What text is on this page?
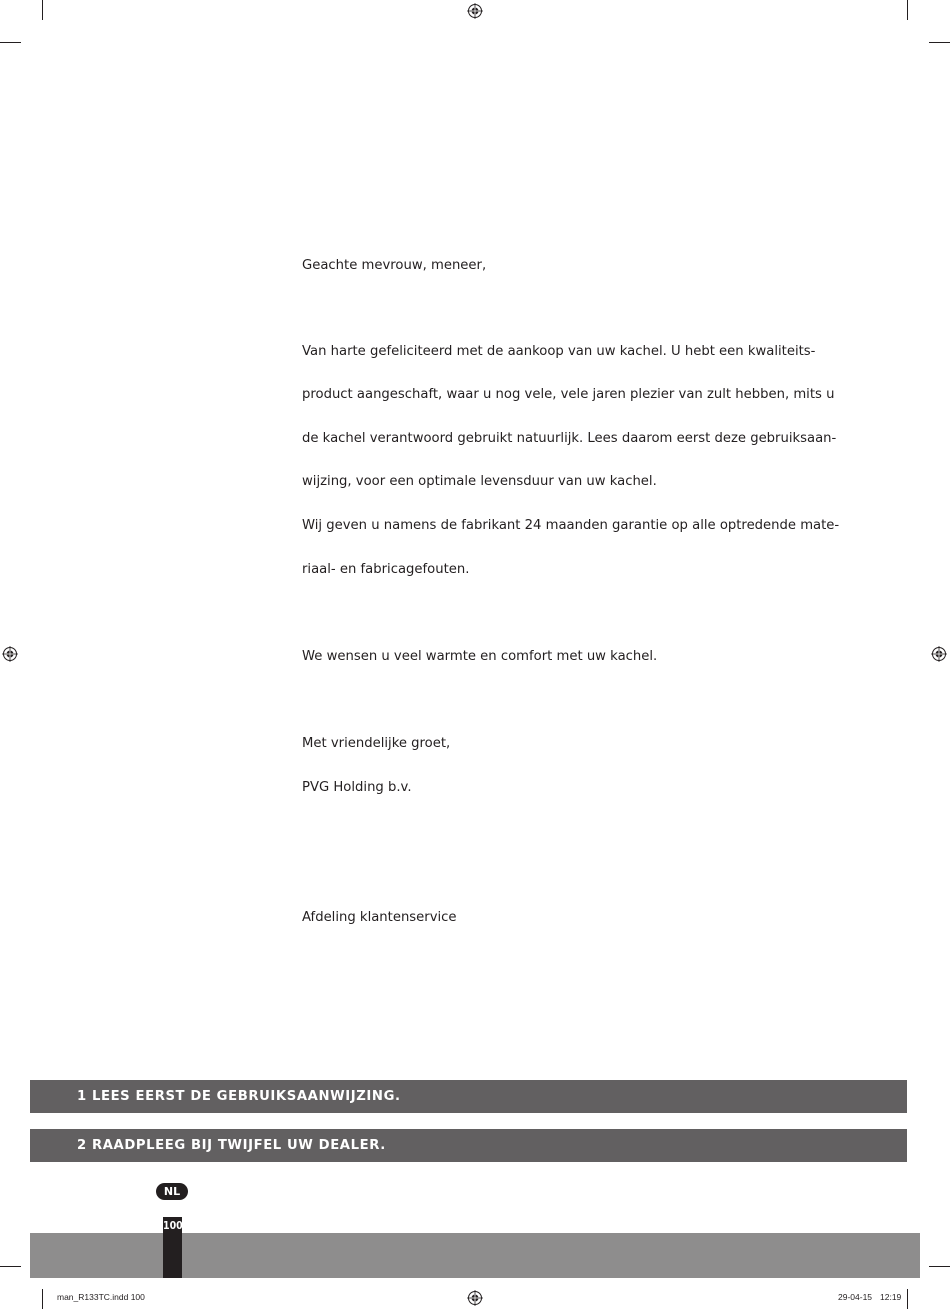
Geachte mevrouw, meneer,
Van harte gefeliciteerd met de aankoop van uw kachel. U hebt een kwaliteits-
product aangeschaft, waar u nog vele, vele jaren plezier van zult hebben, mits u
de kachel verantwoord gebruikt natuurlijk. Lees daarom eerst deze gebruiksaan-
wijzing, voor een optimale levensduur van uw kachel.
Wij geven u namens de fabrikant 24 maanden garantie op alle optredende mate-
riaal- en fabricagefouten.
We wensen u veel warmte en comfort met uw kachel.
Met vriendelijke groet,
PVG Holding b.v.
Afdeling klantenservice
1 LEES EERST DE GEBRUIKSAANWIJZING.
2 RAADPLEEG BIJ TWIJFEL UW DEALER.
NL
100
man_R133TC.indd 100	29-04-15 12:19
